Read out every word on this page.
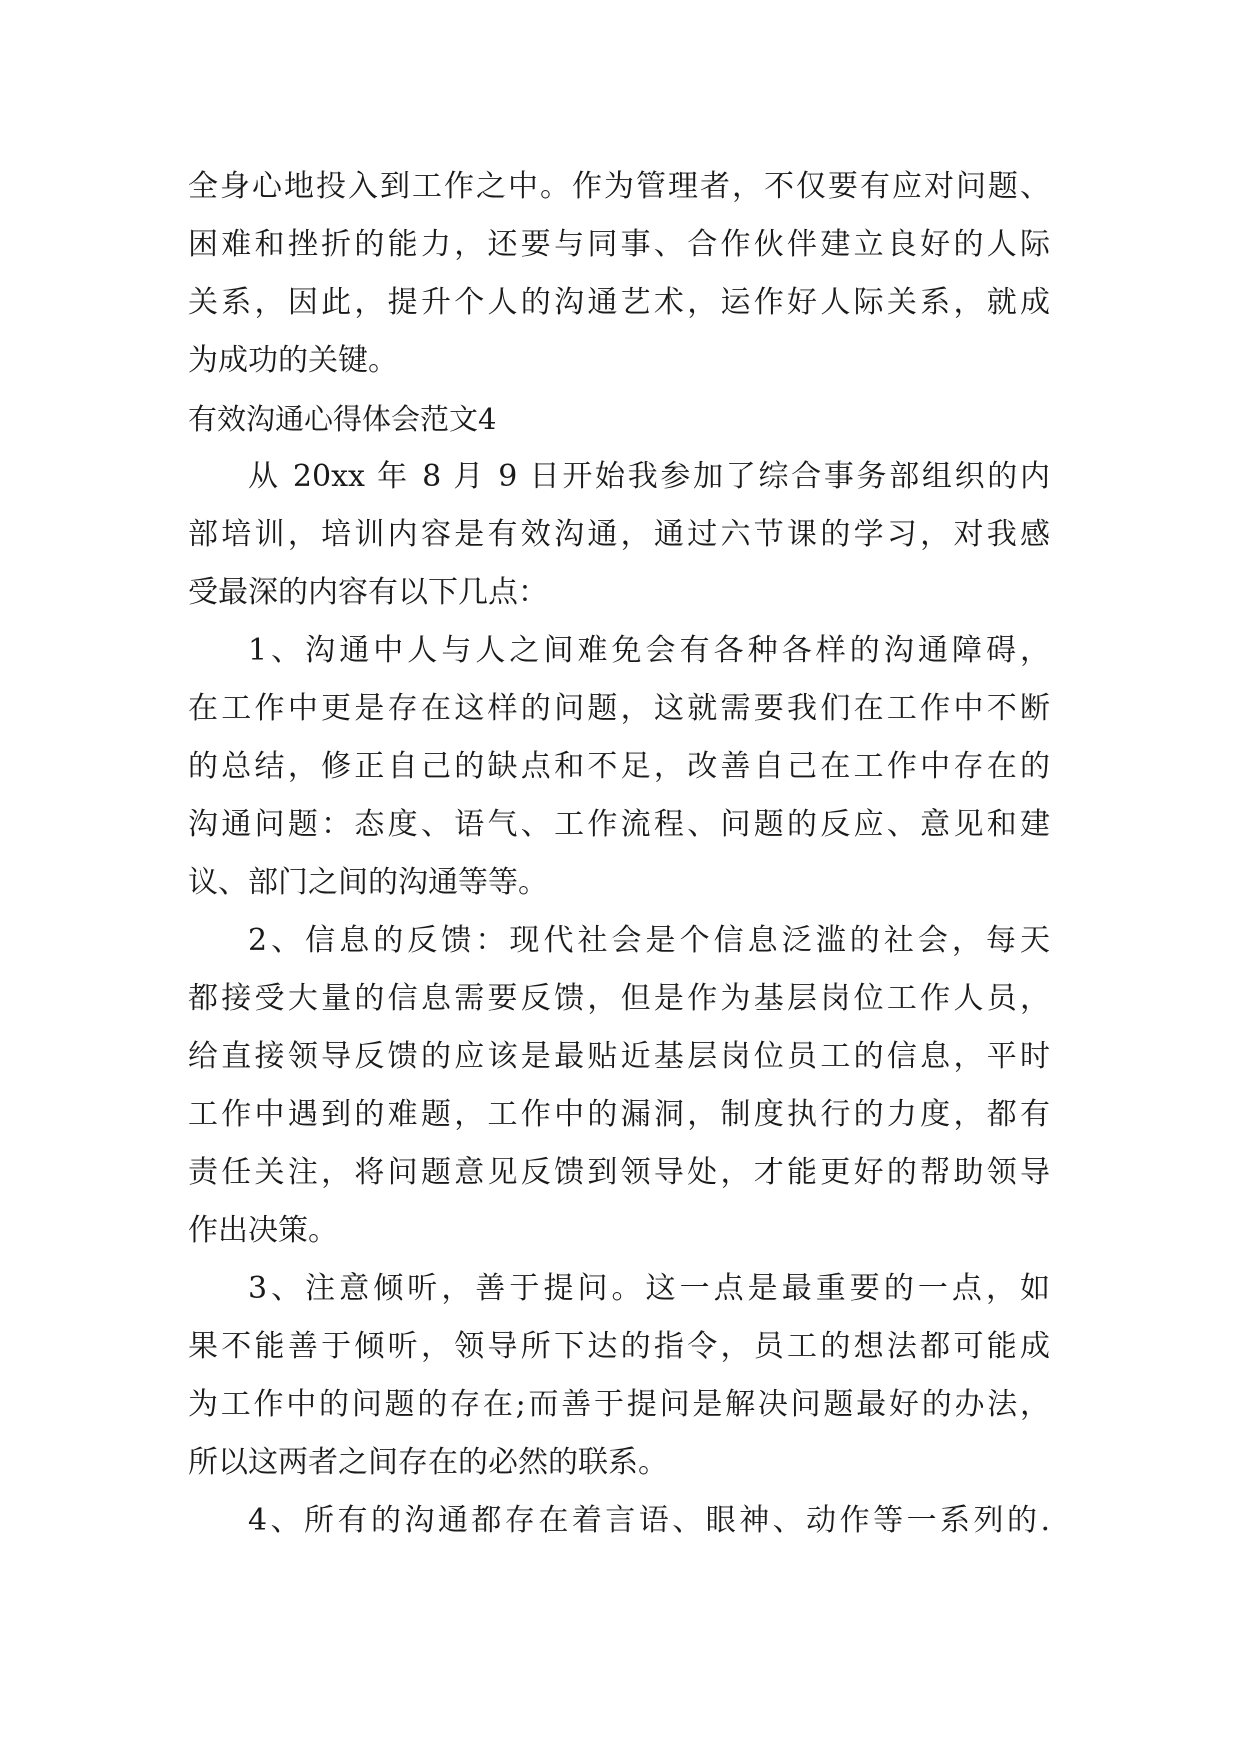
全身心地投入到工作之中。作为管理者，不仅要有应对问题、
困难和挫折的能力，还要与同事、合作伙伴建立良好的人际
关系，因此，提升个人的沟通艺术，运作好人际关系，就成
为成功的关键。
有效沟通心得体会范文4
从 20xx 年 8 月 9 日开始我参加了综合事务部组织的内
部培训，培训内容是有效沟通，通过六节课的学习，对我感
受最深的内容有以下几点：
1、沟通中人与人之间难免会有各种各样的沟通障碍，
在工作中更是存在这样的问题，这就需要我们在工作中不断
的总结，修正自己的缺点和不足，改善自己在工作中存在的
沟通问题：态度、语气、工作流程、问题的反应、意见和建
议、部门之间的沟通等等。
2、信息的反馈：现代社会是个信息泛滥的社会，每天
都接受大量的信息需要反馈，但是作为基层岗位工作人员，
给直接领导反馈的应该是最贴近基层岗位员工的信息，平时
工作中遇到的难题，工作中的漏洞，制度执行的力度，都有
责任关注，将问题意见反馈到领导处，才能更好的帮助领导
作出决策。
3、注意倾听，善于提问。这一点是最重要的一点，如
果不能善于倾听，领导所下达的指令，员工的想法都可能成
为工作中的问题的存在;而善于提问是解决问题最好的办法，
所以这两者之间存在的必然的联系。
4、所有的沟通都存在着言语、眼神、动作等一系列的.
